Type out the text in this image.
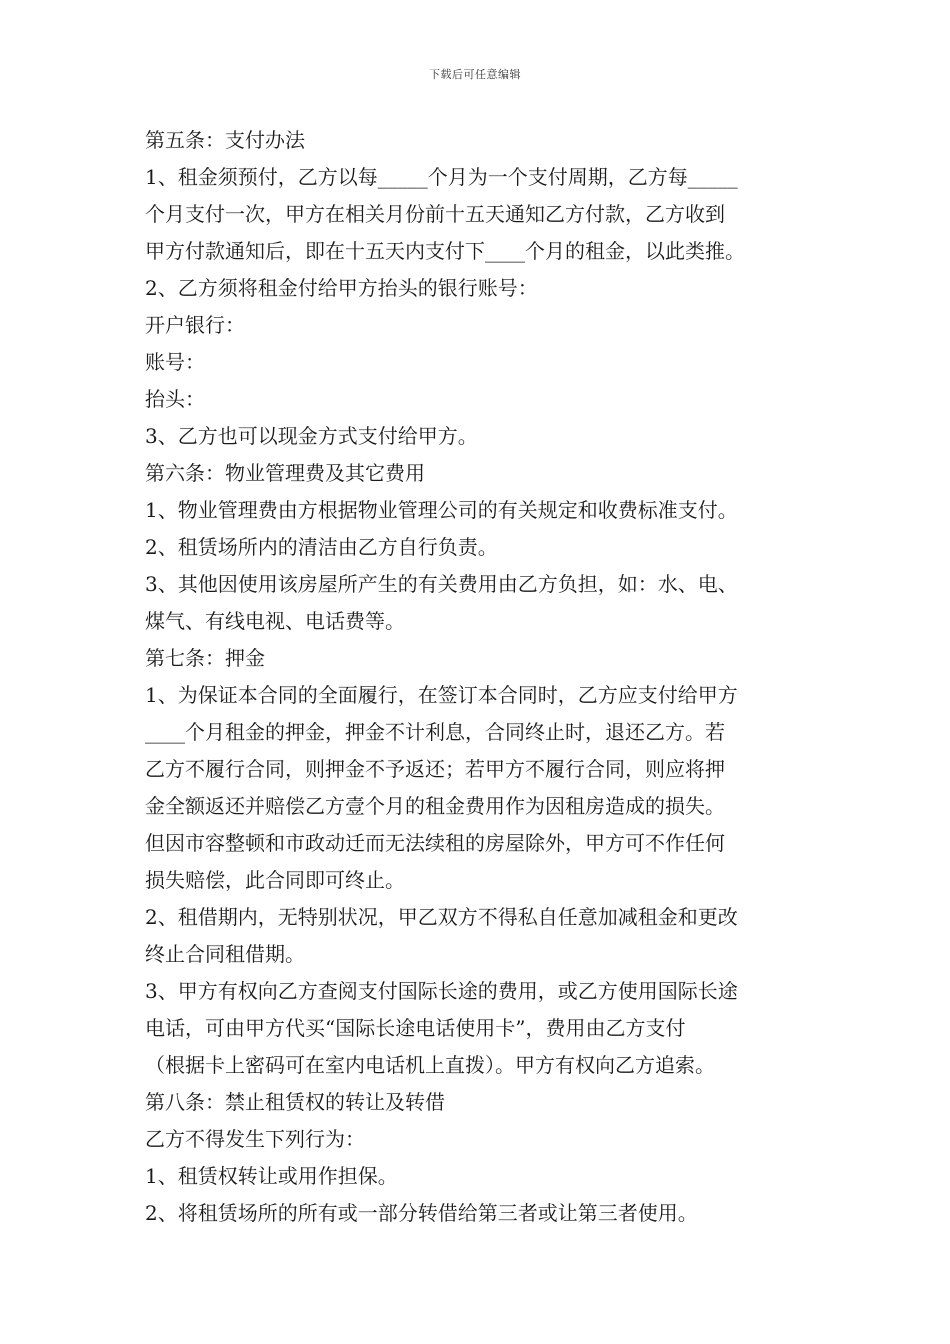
下载后可任意编辑
第五条：支付办法
1、租金须预付，乙方以每_____个月为一个支付周期，乙方每_____
个月支付一次，甲方在相关月份前十五天通知乙方付款，乙方收到
甲方付款通知后，即在十五天内支付下____个月的租金，以此类推。
2、乙方须将租金付给甲方抬头的银行账号：
开户银行：
账号：
抬头：
3、乙方也可以现金方式支付给甲方。
第六条：物业管理费及其它费用
1、物业管理费由方根据物业管理公司的有关规定和收费标准支付。
2、租赁场所内的清洁由乙方自行负责。
3、其他因使用该房屋所产生的有关费用由乙方负担，如：水、电、
煤气、有线电视、电话费等。
第七条：押金
1、为保证本合同的全面履行，在签订本合同时，乙方应支付给甲方
____个月租金的押金，押金不计利息，合同终止时，退还乙方。若
乙方不履行合同，则押金不予返还；若甲方不履行合同，则应将押
金全额返还并赔偿乙方壹个月的租金费用作为因租房造成的损失。
但因市容整顿和市政动迁而无法续租的房屋除外，甲方可不作任何
损失赔偿，此合同即可终止。
2、租借期内，无特别状况，甲乙双方不得私自任意加减租金和更改
终止合同租借期。
3、甲方有权向乙方查阅支付国际长途的费用，或乙方使用国际长途
电话，可由甲方代买“国际长途电话使用卡”，费用由乙方支付
（根据卡上密码可在室内电话机上直拨）。甲方有权向乙方追索。
第八条：禁止租赁权的转让及转借
乙方不得发生下列行为：
1、租赁权转让或用作担保。
2、将租赁场所的所有或一部分转借给第三者或让第三者使用。
